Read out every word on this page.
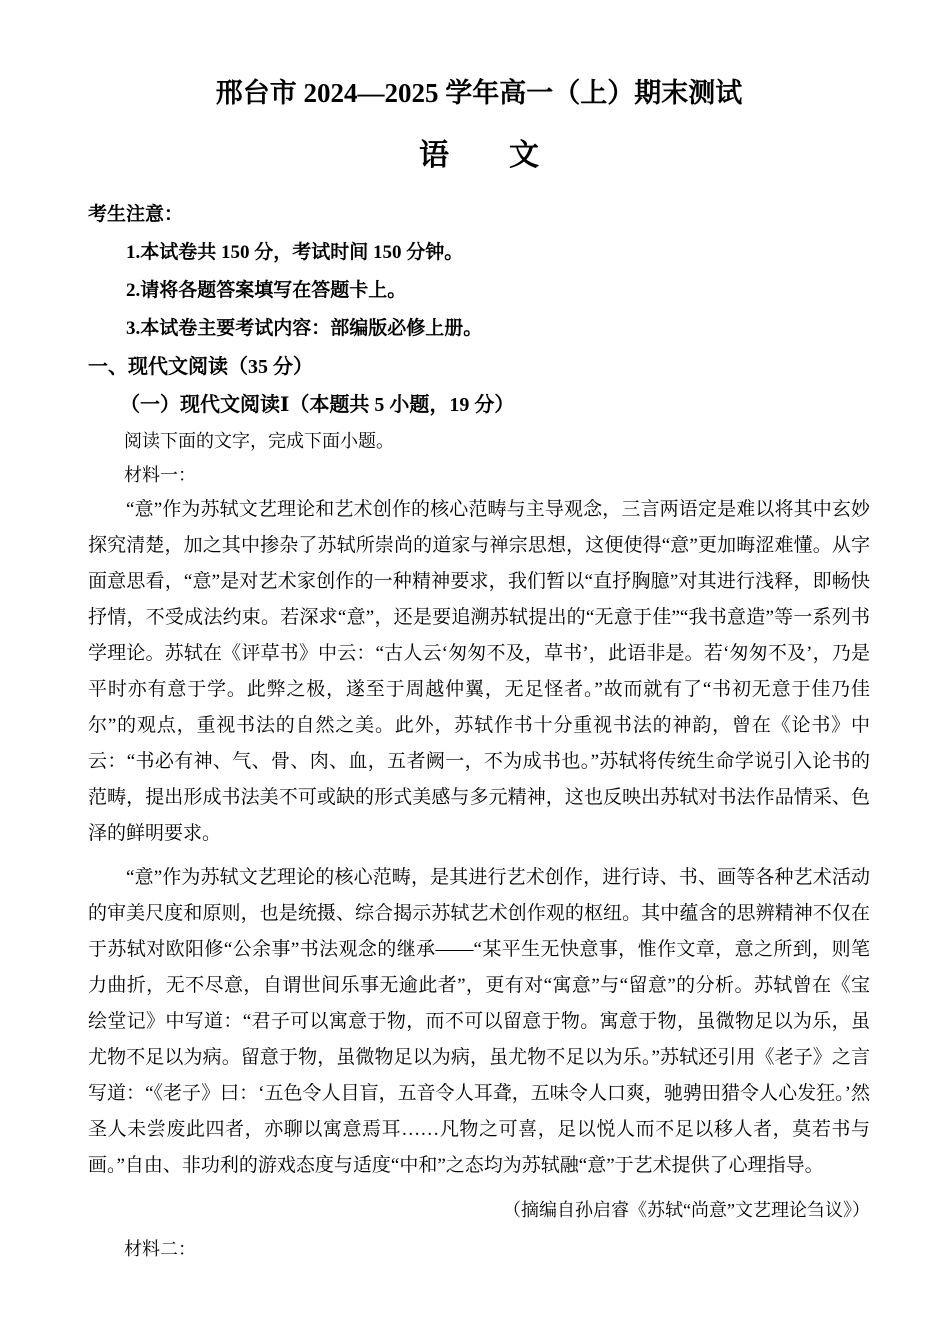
邢台市 2024—2025 学年高一（上）期末测试
语　　文
考生注意：
1.本试卷共 150 分，考试时间 150 分钟。
2.请将各题答案填写在答题卡上。
3.本试卷主要考试内容：部编版必修上册。
一、现代文阅读（35 分）
（一）现代文阅读Ⅰ（本题共 5 小题，19 分）
阅读下面的文字，完成下面小题。
材料一：

“意”作为苏轼文艺理论和艺术创作的核心范畴与主导观念，三言两语定是难以将其中玄妙探究清楚，加之其中掺杂了苏轼所崇尚的道家与禅宗思想，这便使得“意”更加晦涩难懂。从字面意思看，“意”是对艺术家创作的一种精神要求，我们暂以“直抒胸臆”对其进行浅释，即畅快抒情，不受成法约束。若深求“意”，还是要追溯苏轼提出的“无意于佳”“我书意造”等一系列书学理论。苏轼在《评草书》中云：“古人云‘匆匆不及，草书’，此语非是。若‘匆匆不及’，乃是平时亦有意于学。此弊之极，遂至于周越仲翼，无足怪者。”故而就有了“书初无意于佳乃佳尔”的观点，重视书法的自然之美。此外，苏轼作书十分重视书法的神韵，曾在《论书》中云：“书必有神、气、骨、肉、血，五者阙一，不为成书也。”苏轼将传统生命学说引入论书的范畴，提出形成书法美不可或缺的形式美感与多元精神，这也反映出苏轼对书法作品情采、色泽的鲜明要求。

“意”作为苏轼文艺理论的核心范畴，是其进行艺术创作，进行诗、书、画等各种艺术活动的审美尺度和原则，也是统摄、综合揭示苏轼艺术创作观的枢纽。其中蕴含的思辨精神不仅在于苏轼对欧阳修“公余事”书法观念的继承——“某平生无快意事，惟作文章，意之所到，则笔力曲折，无不尽意，自谓世间乐事无逾此者”，更有对“寓意”与“留意”的分析。苏轼曾在《宝绘堂记》中写道：“君子可以寓意于物，而不可以留意于物。寓意于物，虽微物足以为乐，虽尤物不足以为病。留意于物，虽微物足以为病，虽尤物不足以为乐。”苏轼还引用《老子》之言写道：“《老子》曰：‘五色令人目盲，五音令人耳聋，五味令人口爽，驰骋田猎令人心发狂。’然圣人未尝废此四者，亦聊以寓意焉耳……凡物之可喜，足以悦人而不足以移人者，莫若书与画。”自由、非功利的游戏态度与适度“中和”之态均为苏轼融“意”于艺术提供了心理指导。

（摘编自孙启睿《苏轼“尚意”文艺理论刍议》）
材料二：
